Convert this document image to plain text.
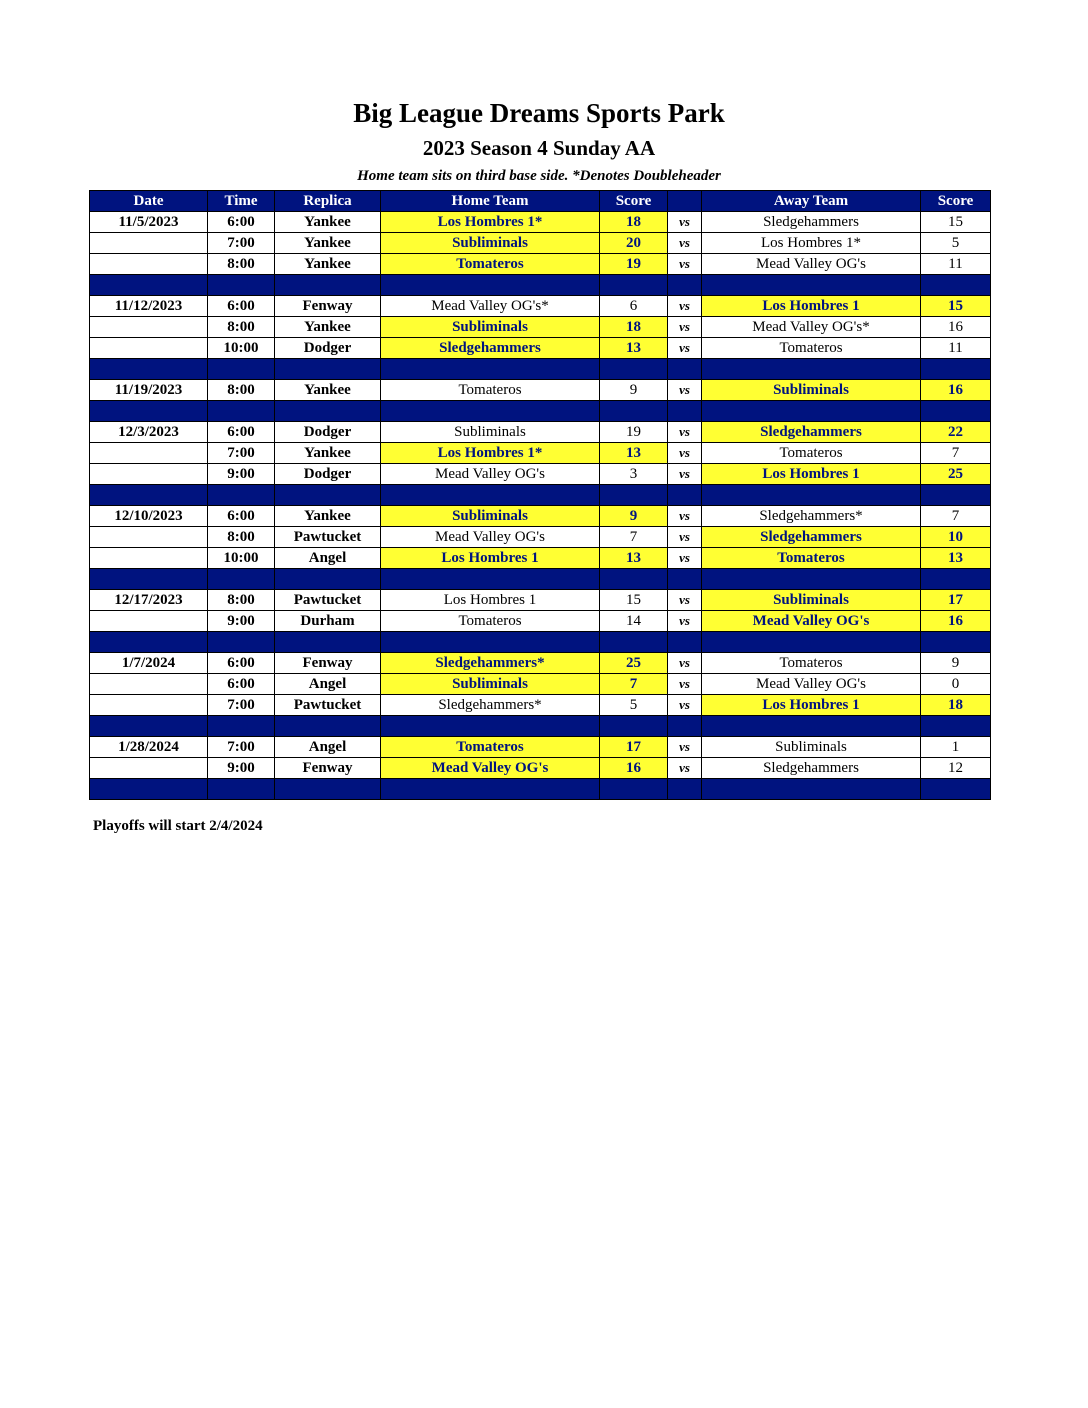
Big League Dreams Sports Park
2023 Season 4 Sunday AA
Home team sits on third base side. *Denotes Doubleheader
Date	Time	Replica	Home Team	Score		Away Team	Score
11/5/2023	6:00	Yankee	Los Hombres 1*	18	vs	Sledgehammers	15
	7:00	Yankee	Subliminals	20	vs	Los Hombres 1*	5
	8:00	Yankee	Tomateros	19	vs	Mead Valley OG's	11

11/12/2023	6:00	Fenway	Mead Valley OG's*	6	vs	Los Hombres 1	15
	8:00	Yankee	Subliminals	18	vs	Mead Valley OG's*	16
	10:00	Dodger	Sledgehammers	13	vs	Tomateros	11

11/19/2023	8:00	Yankee	Tomateros	9	vs	Subliminals	16

12/3/2023	6:00	Dodger	Subliminals	19	vs	Sledgehammers	22
	7:00	Yankee	Los Hombres 1*	13	vs	Tomateros	7
	9:00	Dodger	Mead Valley OG's	3	vs	Los Hombres 1	25

12/10/2023	6:00	Yankee	Subliminals	9	vs	Sledgehammers*	7
	8:00	Pawtucket	Mead Valley OG's	7	vs	Sledgehammers	10
	10:00	Angel	Los Hombres 1	13	vs	Tomateros	13

12/17/2023	8:00	Pawtucket	Los Hombres 1	15	vs	Subliminals	17
	9:00	Durham	Tomateros	14	vs	Mead Valley OG's	16

1/7/2024	6:00	Fenway	Sledgehammers*	25	vs	Tomateros	9
	6:00	Angel	Subliminals	7	vs	Mead Valley OG's	0
	7:00	Pawtucket	Sledgehammers*	5	vs	Los Hombres 1	18

1/28/2024	7:00	Angel	Tomateros	17	vs	Subliminals	1
	9:00	Fenway	Mead Valley OG's	16	vs	Sledgehammers	12

Playoffs will start 2/4/2024
